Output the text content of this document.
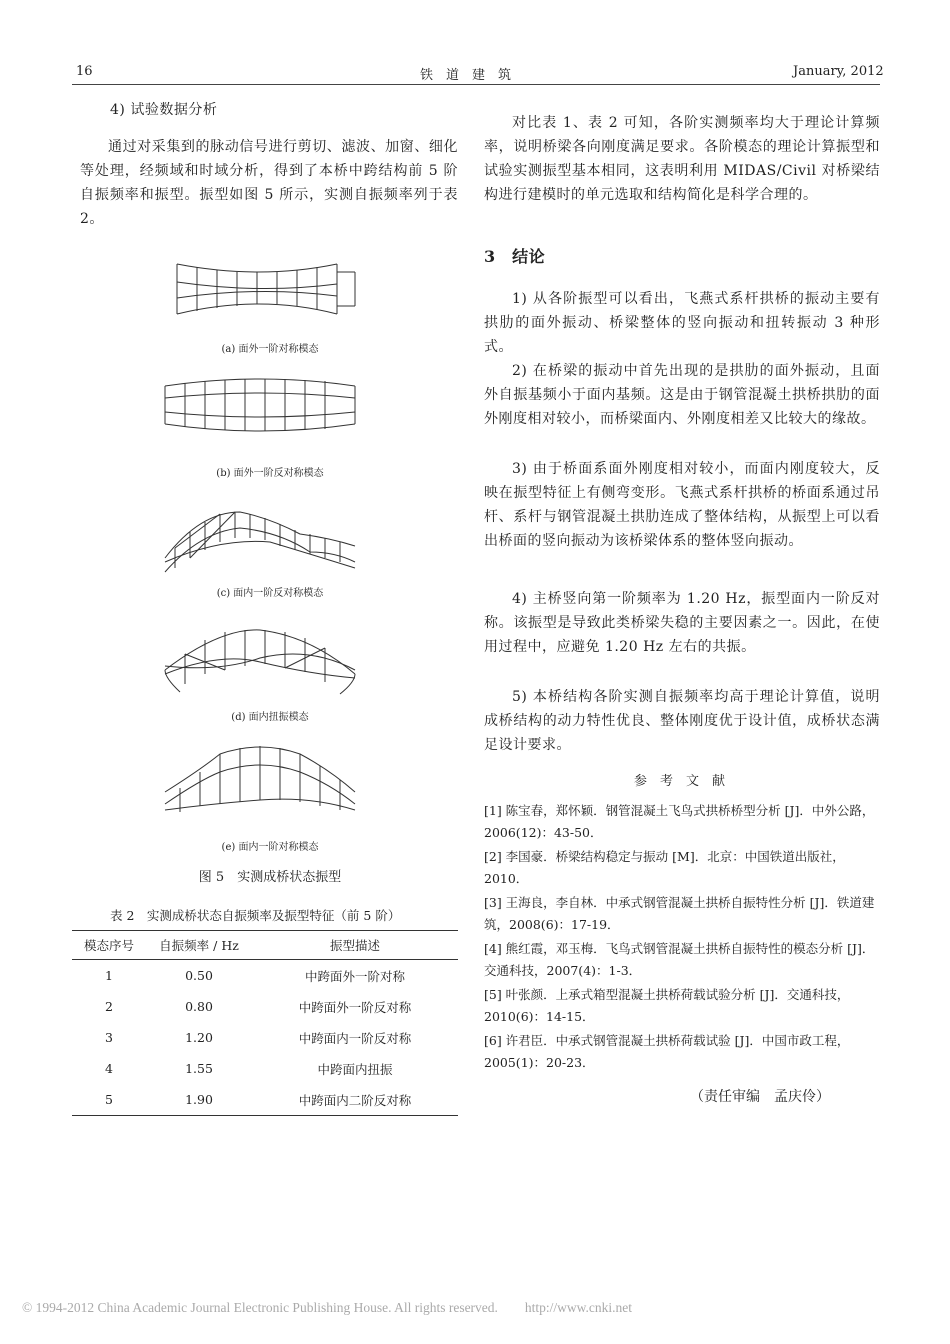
16	铁　道　建　筑	January, 2012
4) 试验数据分析
通过对采集到的脉动信号进行剪切、滤波、加窗、细化等处理，经频域和时域分析，得到了本桥中跨结构前 5 阶自振频率和振型。振型如图 5 所示，实测自振频率列于表 2。
(a) 面外一阶对称模态
(b) 面外一阶反对称模态
(c) 面内一阶反对称模态
(d) 面内扭振模态
(e) 面内一阶对称模态
图 5　实测成桥状态振型
表 2　实测成桥状态自振频率及振型特征（前 5 阶）
模态序号	自振频率 / Hz	振型描述
1	0.50	中跨面外一阶对称
2	0.80	中跨面外一阶反对称
3	1.20	中跨面内一阶反对称
4	1.55	中跨面内扭振
5	1.90	中跨面内二阶反对称
对比表 1、表 2 可知，各阶实测频率均大于理论计算频率，说明桥梁各向刚度满足要求。各阶模态的理论计算振型和试验实测振型基本相同，这表明利用 MIDAS/Civil 对桥梁结构进行建模时的单元选取和结构简化是科学合理的。
3　结论
1) 从各阶振型可以看出，飞燕式系杆拱桥的振动主要有拱肋的面外振动、桥梁整体的竖向振动和扭转振动 3 种形式。
2) 在桥梁的振动中首先出现的是拱肋的面外振动，且面外自振基频小于面内基频。这是由于钢管混凝土拱桥拱肋的面外刚度相对较小，而桥梁面内、外刚度相差又比较大的缘故。
3) 由于桥面系面外刚度相对较小，而面内刚度较大，反映在振型特征上有侧弯变形。飞燕式系杆拱桥的桥面系通过吊杆、系杆与钢管混凝土拱肋连成了整体结构，从振型上可以看出桥面的竖向振动为该桥梁体系的整体竖向振动。
4) 主桥竖向第一阶频率为 1.20 Hz，振型面内一阶反对称。该振型是导致此类桥梁失稳的主要因素之一。因此，在使用过程中，应避免 1.20 Hz 左右的共振。
5) 本桥结构各阶实测自振频率均高于理论计算值，说明成桥结构的动力特性优良、整体刚度优于设计值，成桥状态满足设计要求。
参　考　文　献
[1] 陈宝春，郑怀颖．钢管混凝土飞鸟式拱桥桥型分析 [J]．中外公路，2006(12)：43-50．
[2] 李国豪．桥梁结构稳定与振动 [M]．北京：中国铁道出版社，2010．
[3] 王海良，李自林．中承式钢管混凝土拱桥自振特性分析 [J]．铁道建筑，2008(6)：17-19．
[4] 熊红霞，邓玉梅．飞鸟式钢管混凝土拱桥自振特性的模态分析 [J]．交通科技，2007(4)：1-3．
[5] 叶张颜．上承式箱型混凝土拱桥荷载试验分析 [J]．交通科技，2010(6)：14-15．
[6] 许君臣．中承式钢管混凝土拱桥荷载试验 [J]．中国市政工程，2005(1)：20-23．
（责任审编　孟庆伶）
© 1994-2012 China Academic Journal Electronic Publishing House. All rights reserved.　　http://www.cnki.net
